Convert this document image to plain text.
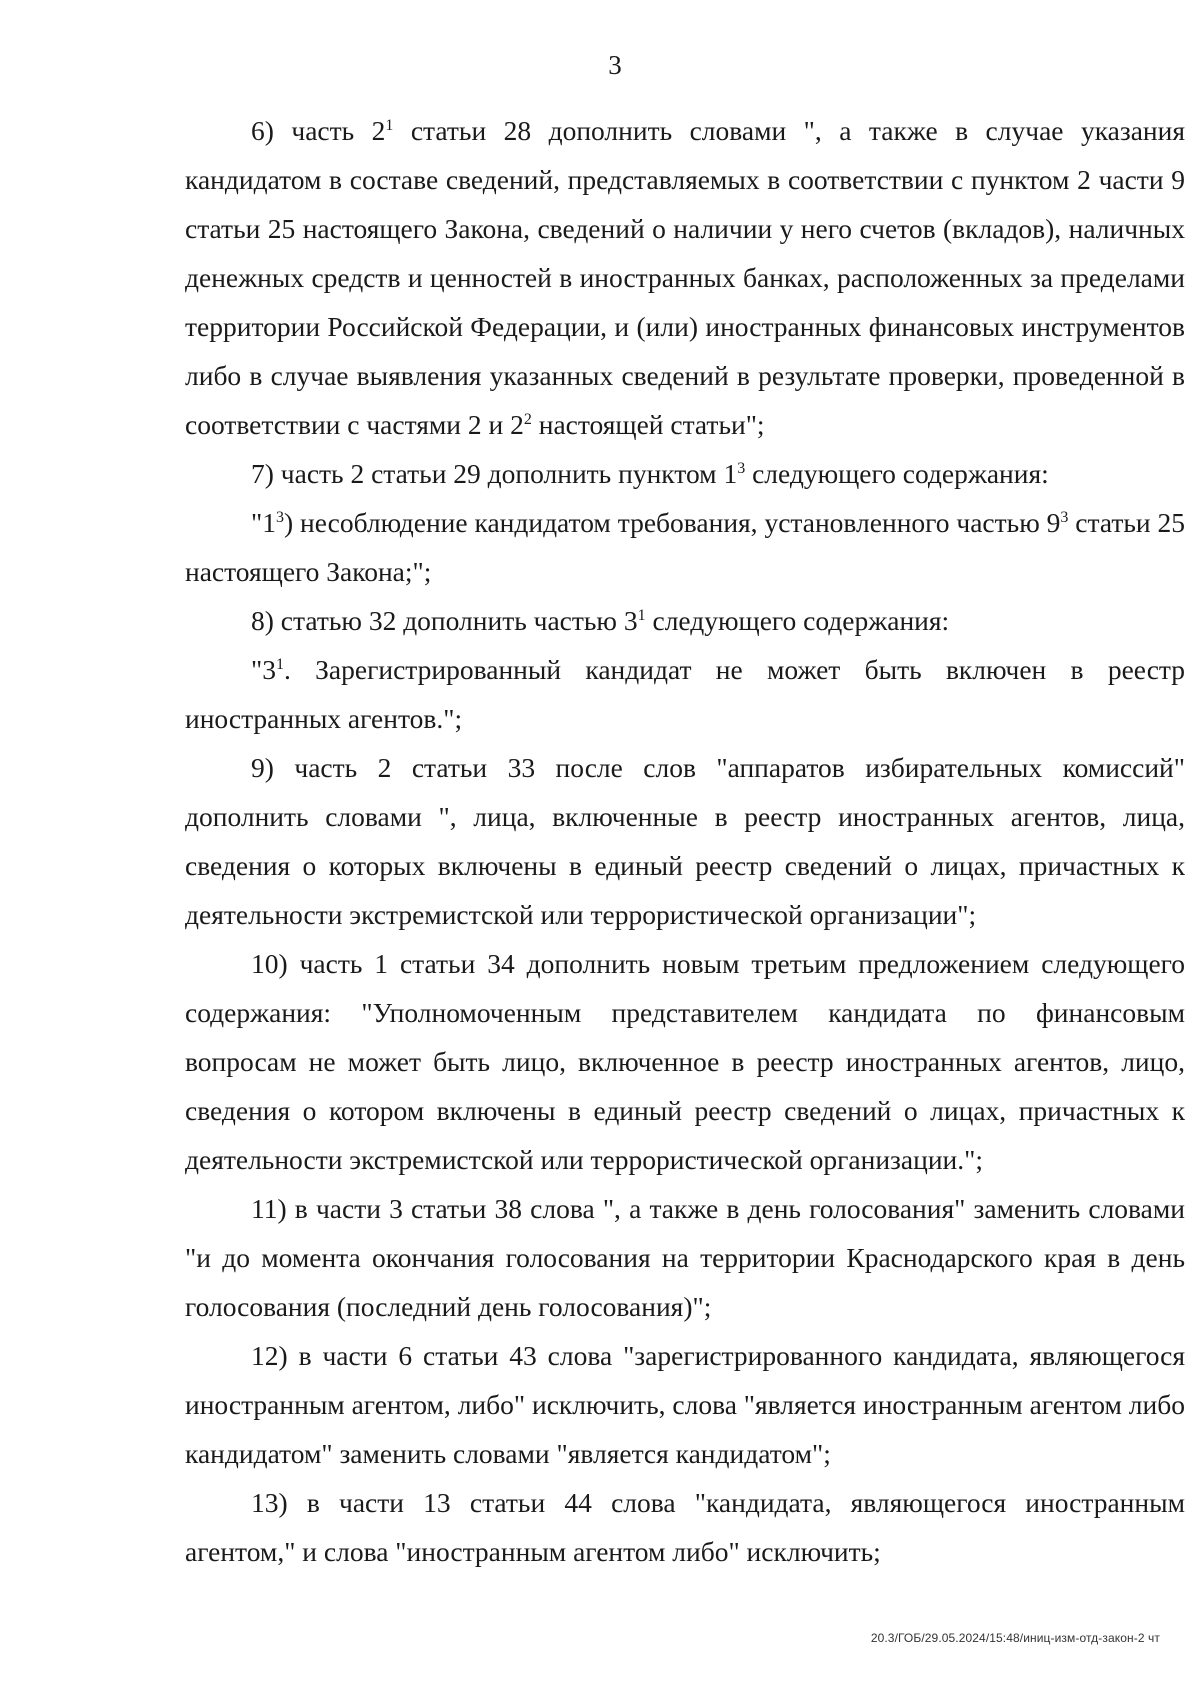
3

6) часть $2^1$ статьи 28 дополнить словами ", а также в случае указания кандидатом в составе сведений, представляемых в соответствии с пунктом 2 части 9 статьи 25 настоящего Закона, сведений о наличии у него счетов (вкладов), наличных денежных средств и ценностей в иностранных банках, расположенных за пределами территории Российской Федерации, и (или) иностранных финансовых инструментов либо в случае выявления указанных сведений в результате проверки, проведенной в соответствии с частями 2 и $2^2$ настоящей статьи";

7) часть 2 статьи 29 дополнить пунктом $1^3$ следующего содержания:

"$1^3$) несоблюдение кандидатом требования, установленного частью $9^3$ статьи 25 настоящего Закона;";

8) статью 32 дополнить частью $3^1$ следующего содержания:

"$3^1$. Зарегистрированный кандидат не может быть включен в реестр иностранных агентов.";

9) часть 2 статьи 33 после слов "аппаратов избирательных комиссий" дополнить словами ", лица, включенные в реестр иностранных агентов, лица, сведения о которых включены в единый реестр сведений о лицах, причастных к деятельности экстремистской или террористической организации";

10) часть 1 статьи 34 дополнить новым третьим предложением следующего содержания: "Уполномоченным представителем кандидата по финансовым вопросам не может быть лицо, включенное в реестр иностранных агентов, лицо, сведения о котором включены в единый реестр сведений о лицах, причастных к деятельности экстремистской или террористической организации.";

11) в части 3 статьи 38 слова ", а также в день голосования" заменить словами "и до момента окончания голосования на территории Краснодарского края в день голосования (последний день голосования)";

12) в части 6 статьи 43 слова "зарегистрированного кандидата, являющегося иностранным агентом, либо" исключить, слова "является иностранным агентом либо кандидатом" заменить словами "является кандидатом";

13) в части 13 статьи 44 слова "кандидата, являющегося иностранным агентом," и слова "иностранным агентом либо" исключить;

20.3/ГОБ/29.05.2024/15:48/иниц-изм-отд-закон-2 чт
